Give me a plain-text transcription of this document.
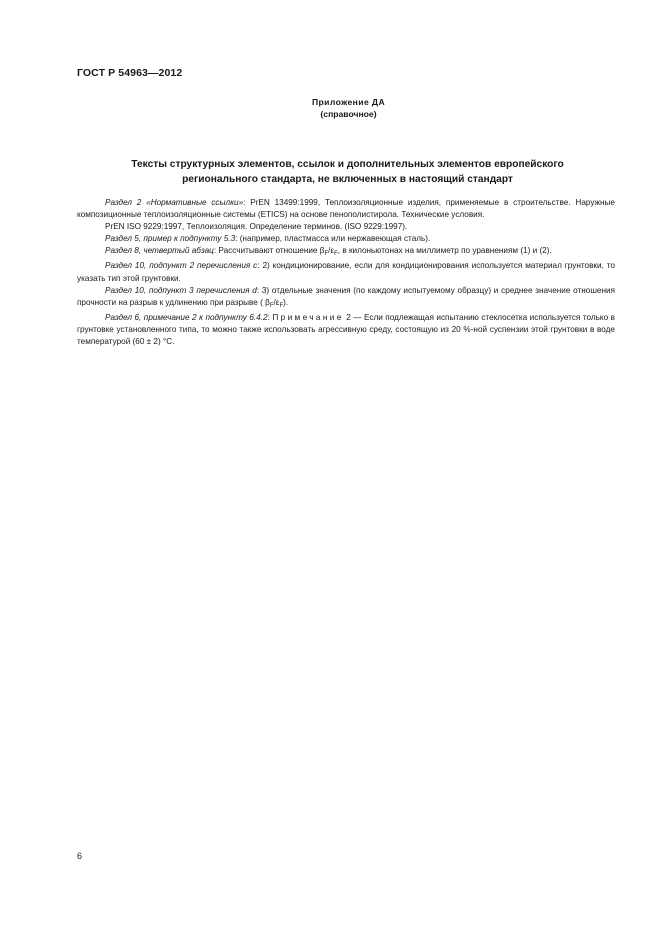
ГОСТ Р 54963—2012
Приложение ДА
(справочное)
Тексты структурных элементов, ссылок и дополнительных элементов европейского
регионального стандарта, не включенных в настоящий стандарт

Раздел 2 «Нормативные ссылки»: PrEN 13499:1999, Теплоизоляционные изделия, применяемые в строительстве. Наружные композиционные теплоизоляционные системы (ETICS) на основе пенополистирола. Технические условия.

PrEN ISO 9229:1997, Теплоизоляция. Определение терминов. (ISO 9229:1997).

Раздел 5, пример к подпункту 5.3: (например, пластмасса или нержавеющая сталь).

Раздел 8, четвертый абзац: Рассчитывают отношение $\beta_F/\varepsilon_F$, в килоньютонах на миллиметр по уравнениям (1) и (2).

Раздел 10, подпункт 2 перечисления c: 2) кондиционирование, если для кондиционирования используется материал грунтовки, то указать тип этой грунтовки.

Раздел 10, подпункт 3 перечисления d: 3) отдельные значения (по каждому испытуемому образцу) и среднее значение отношения прочности на разрыв к удлинению при разрыве ( $\beta_F/\varepsilon_F$).

Раздел 6, примечание 2 к подпункту 6.4.2: Примечание 2 — Если подлежащая испытанию стеклосетка используется только в грунтовке установленного типа, то можно также использовать агрессивную среду, состоящую из 20 %-ной суспензии этой грунтовки в воде температурой (60 ± 2) °С.

6
